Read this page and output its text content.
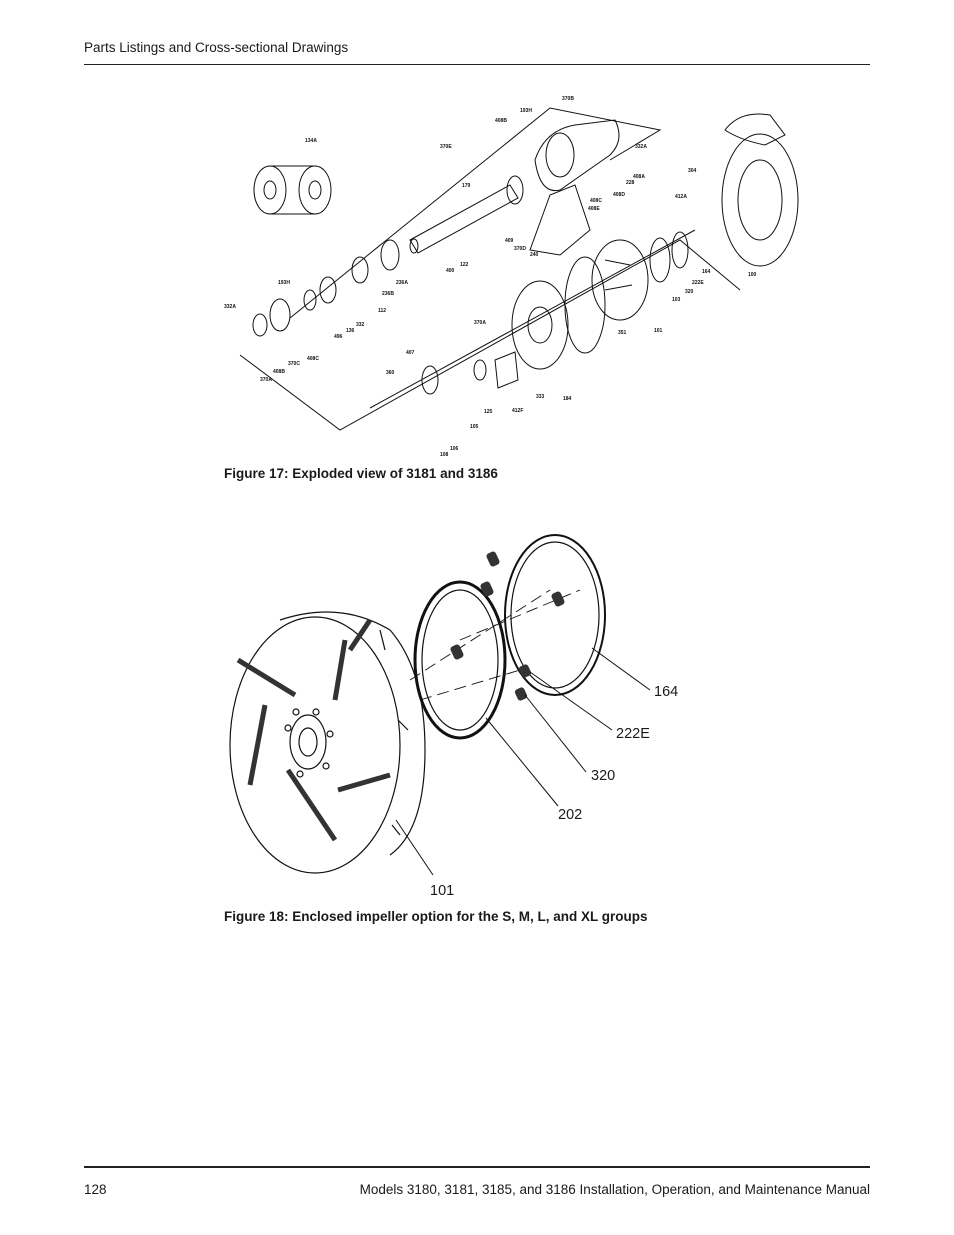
Parts Listings and Cross-sectional Drawings
134A
193H
370B
408B
370E	332A
179	228
408A
408D
408C
408E
412A
304
100
122
400
240
370D
409
236A
236B
112
193H
332A
136
332
496
370C
408C
408B
370A
370A
351	101
103
164
222E
320
407
360
125	412F
333	184
105
106
108
Figure 17: Exploded view of 3181 and 3186
164
222E
320
202
101
Figure 18: Enclosed impeller option for the S, M, L, and XL groups
128	Models 3180, 3181, 3185, and 3186 Installation, Operation, and Maintenance Manual
